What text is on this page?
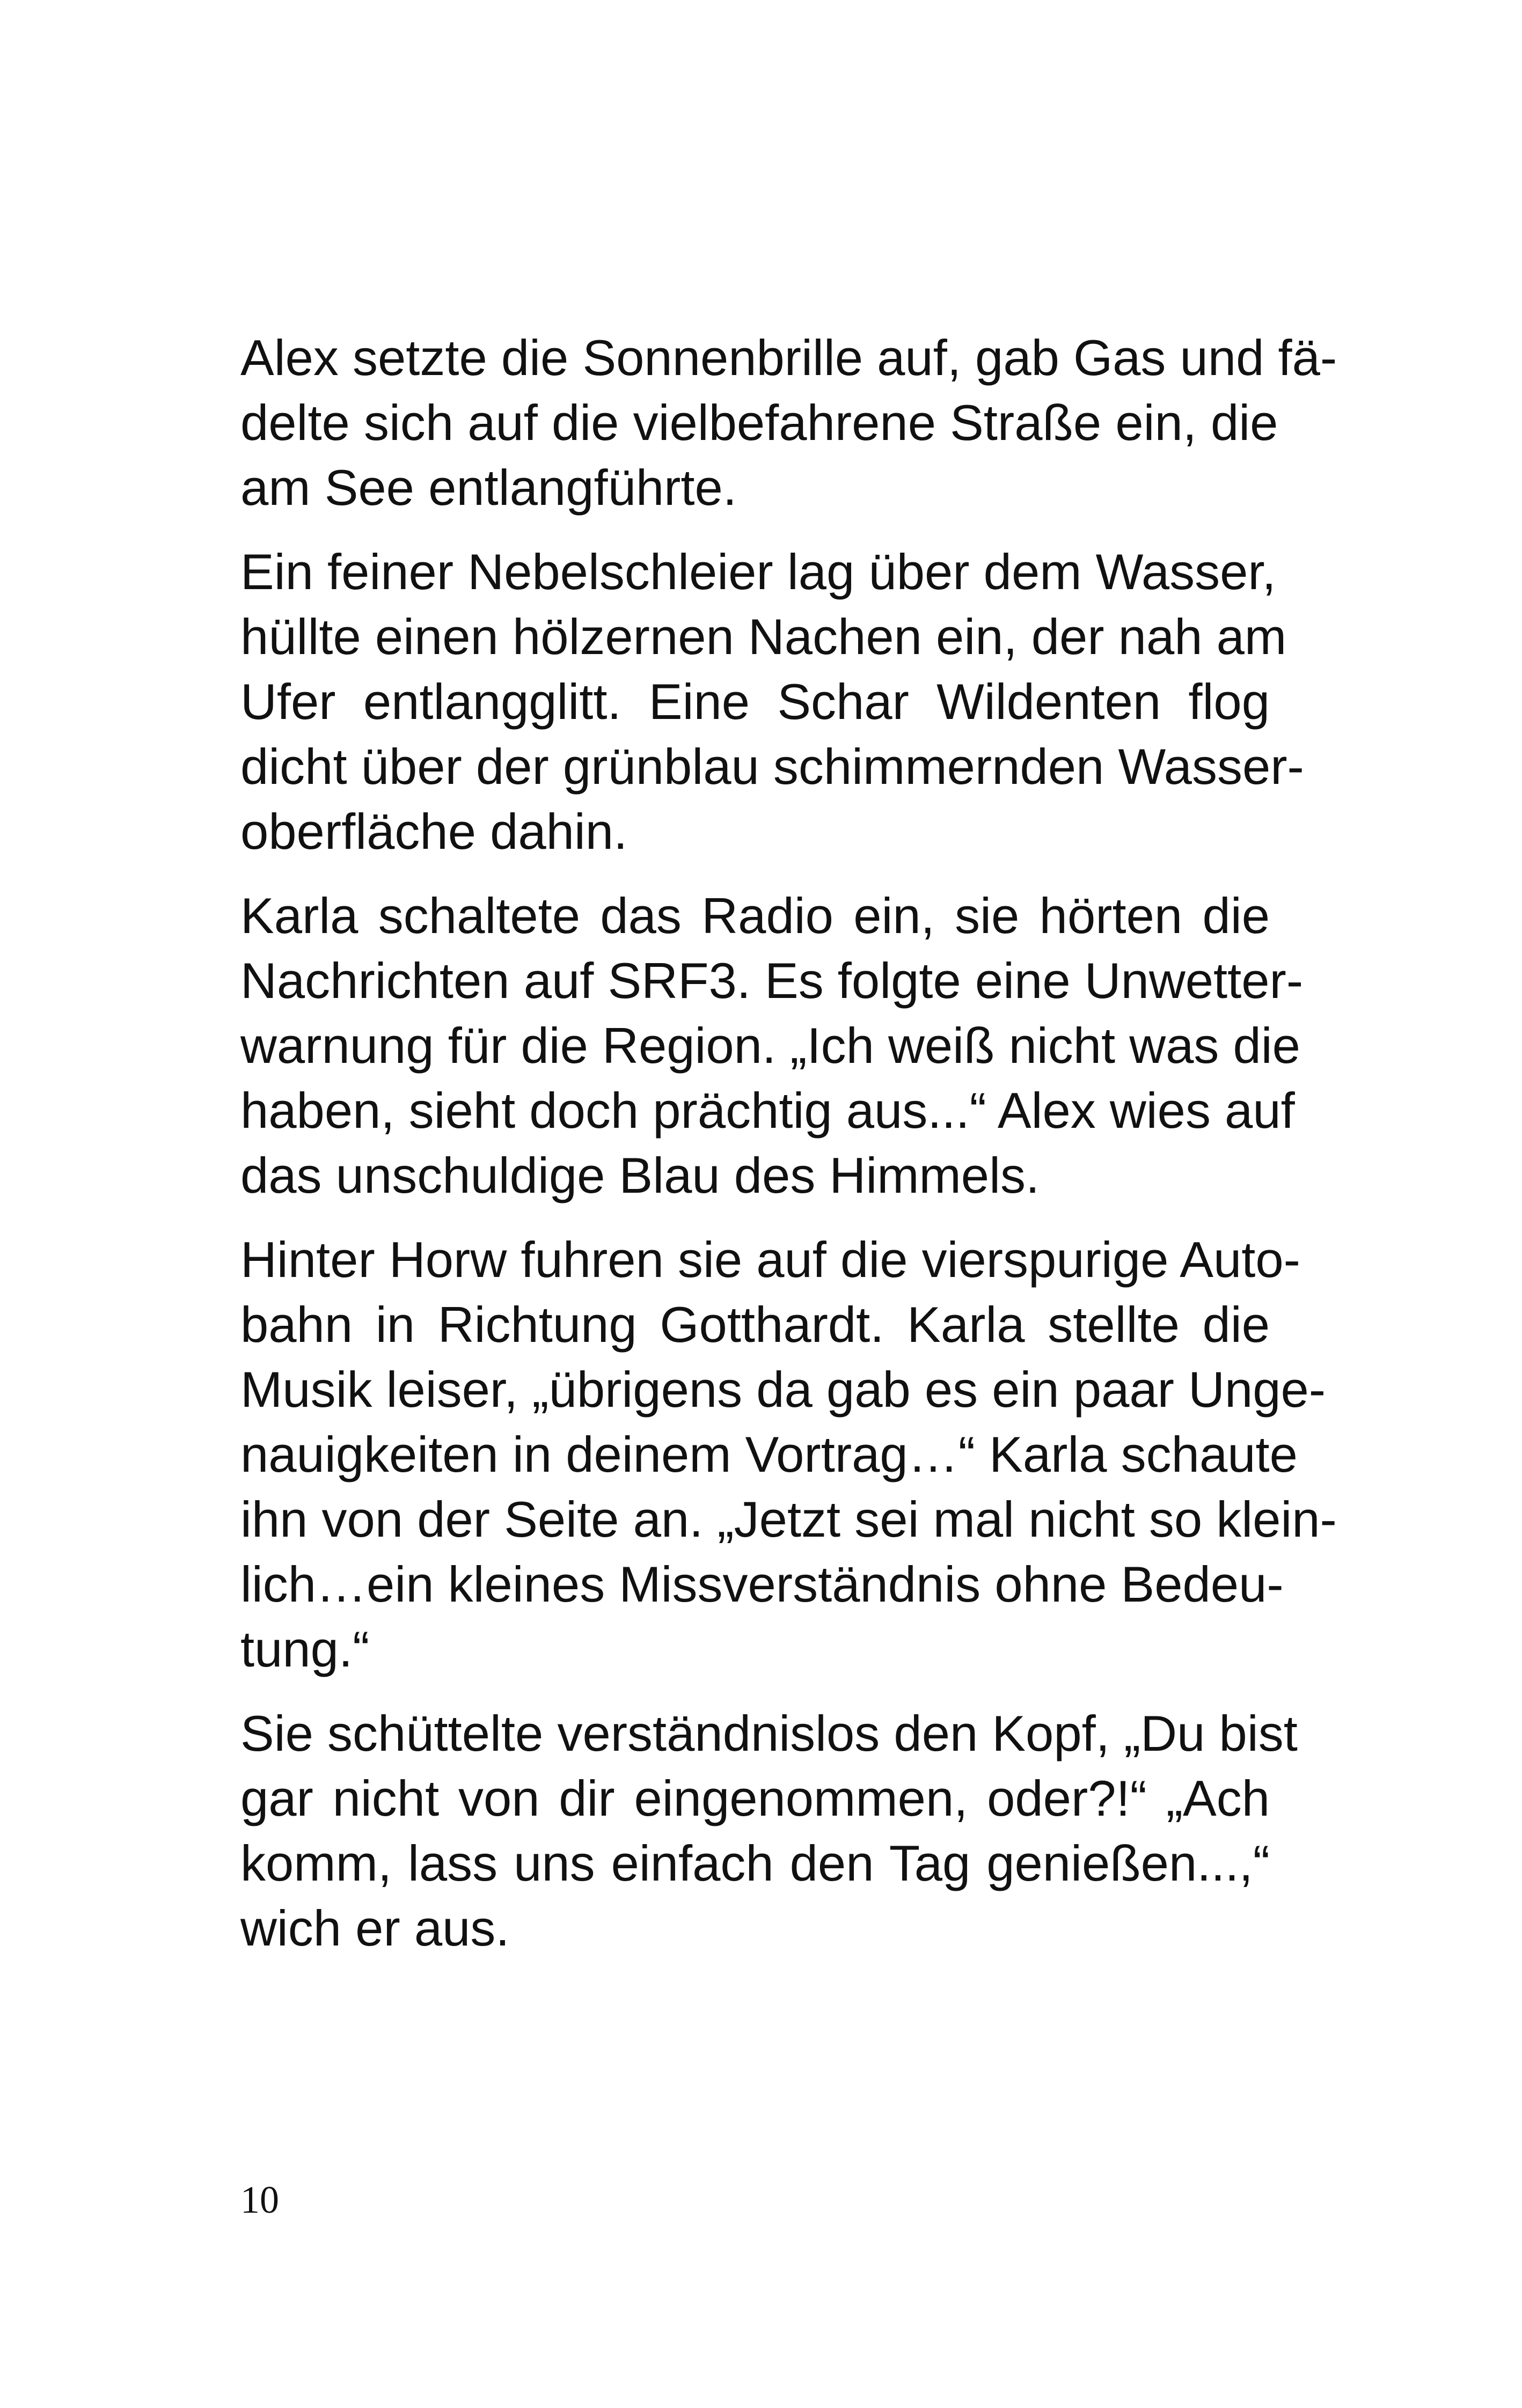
Alex setzte die Sonnenbrille auf, gab Gas und fä-
delte sich auf die vielbefahrene Straße ein, die
am See entlangführte.

Ein feiner Nebelschleier lag über dem Wasser,
hüllte einen hölzernen Nachen ein, der nah am
Ufer entlangglitt. Eine Schar Wildenten flog
dicht über der grünblau schimmernden Wasser-
oberfläche dahin.

Karla schaltete das Radio ein, sie hörten die
Nachrichten auf SRF3. Es folgte eine Unwetter-
warnung für die Region. „Ich weiß nicht was die
haben, sieht doch prächtig aus...“ Alex wies auf
das unschuldige Blau des Himmels.

Hinter Horw fuhren sie auf die vierspurige Auto-
bahn in Richtung Gotthardt. Karla stellte die
Musik leiser, „übrigens da gab es ein paar Unge-
nauigkeiten in deinem Vortrag…“ Karla schaute
ihn von der Seite an. „Jetzt sei mal nicht so klein-
lich…ein kleines Missverständnis ohne Bedeu-
tung.“

Sie schüttelte verständnislos den Kopf, „Du bist
gar nicht von dir eingenommen, oder?!“ „Ach
komm, lass uns einfach den Tag genießen...,“
wich er aus.

10
